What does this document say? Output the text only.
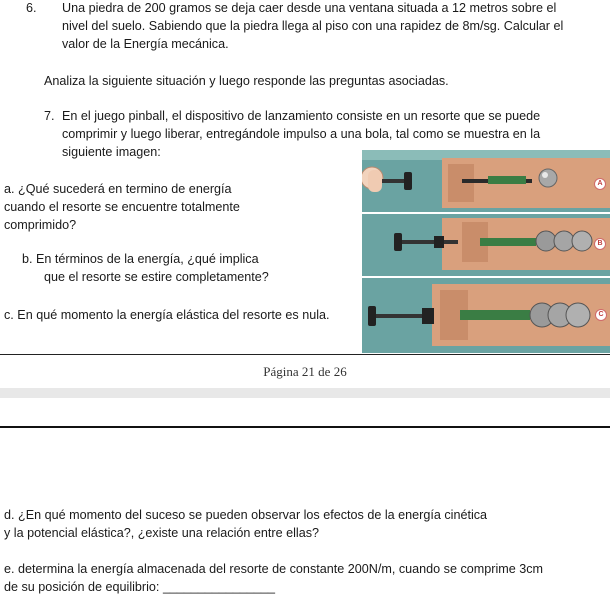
6. Una piedra de 200 gramos se deja caer desde una ventana situada a 12 metros sobre el
nivel del suelo. Sabiendo que la piedra llega al piso con una rapidez de 8m/sg. Calcular el
valor de la Energía mecánica.
Analiza la siguiente situación y luego responde las preguntas asociadas.
7. En el juego pinball, el dispositivo de lanzamiento consiste en un resorte que se puede
comprimir y luego liberar, entregándole impulso a una bola, tal como se muestra en la
siguiente imagen:
a. ¿Qué sucederá en termino de energía
cuando el resorte se encuentre totalmente
comprimido?
b. En términos de la energía, ¿qué implica
que el resorte se estire completamente?
c. En qué momento la energía elástica del resorte es nula.
A
B
C
Página 21 de 26
d. ¿En qué momento del suceso se pueden observar los efectos de la energía cinética
y la potencial elástica?, ¿existe una relación entre ellas?
e. determina la energía almacenada del resorte de constante 200N/m, cuando se comprime 3cm
de su posición de equilibrio: ________________
